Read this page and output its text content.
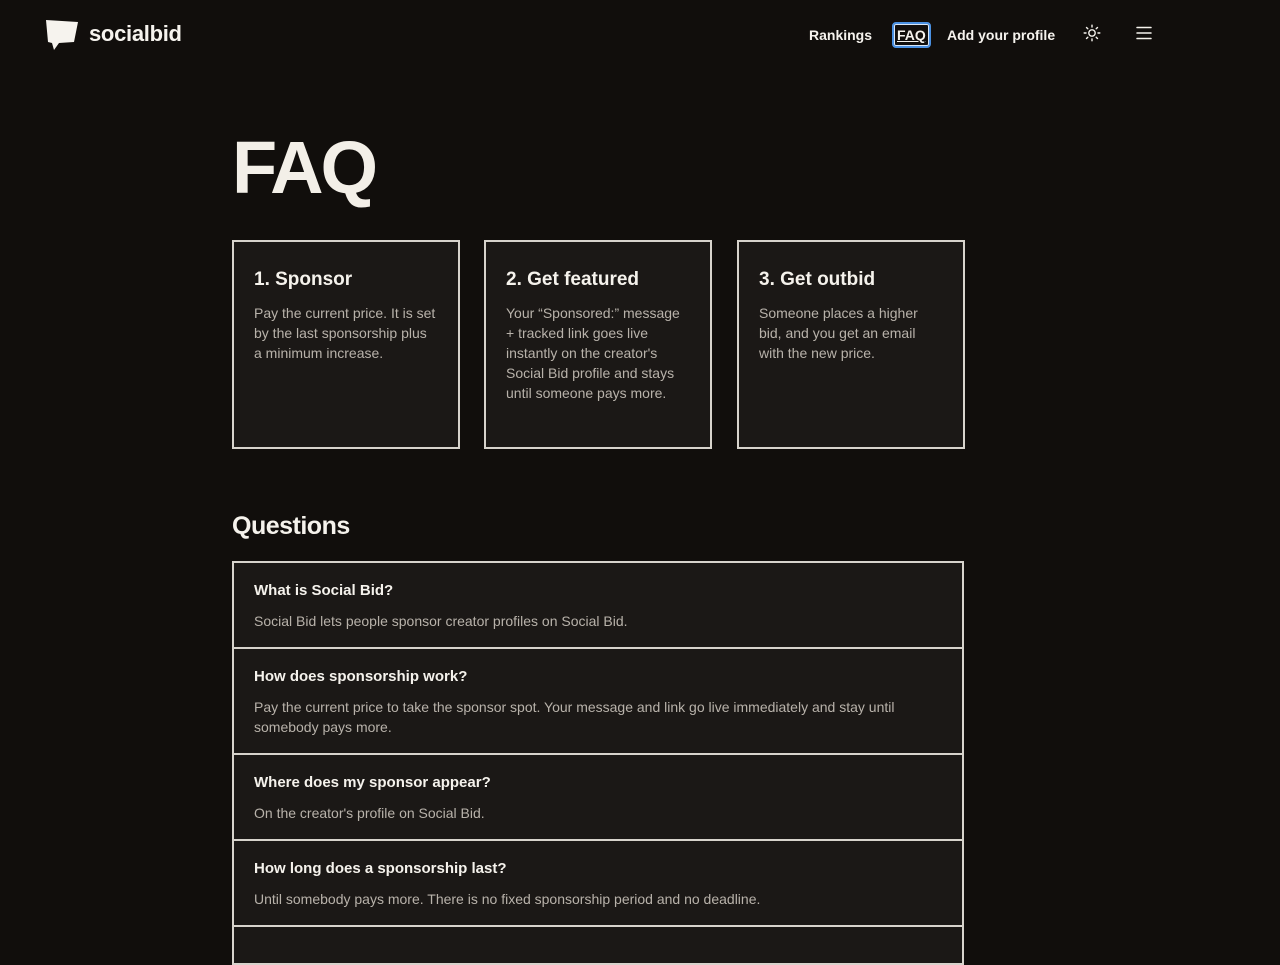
socialbid	Rankings	FAQ	Add your profile
FAQ
1. Sponsor

Pay the current price. It is set by the last sponsorship plus a minimum increase.

2. Get featured

Your “Sponsored:” message + tracked link goes live instantly on the creator's Social Bid profile and stays until someone pays more.

3. Get outbid

Someone places a higher bid, and you get an email with the new price.

Questions
What is Social Bid?

Social Bid lets people sponsor creator profiles on Social Bid.

How does sponsorship work?

Pay the current price to take the sponsor spot. Your message and link go live immediately and stay until somebody pays more.

Where does my sponsor appear?

On the creator's profile on Social Bid.

How long does a sponsorship last?

Until somebody pays more. There is no fixed sponsorship period and no deadline.
